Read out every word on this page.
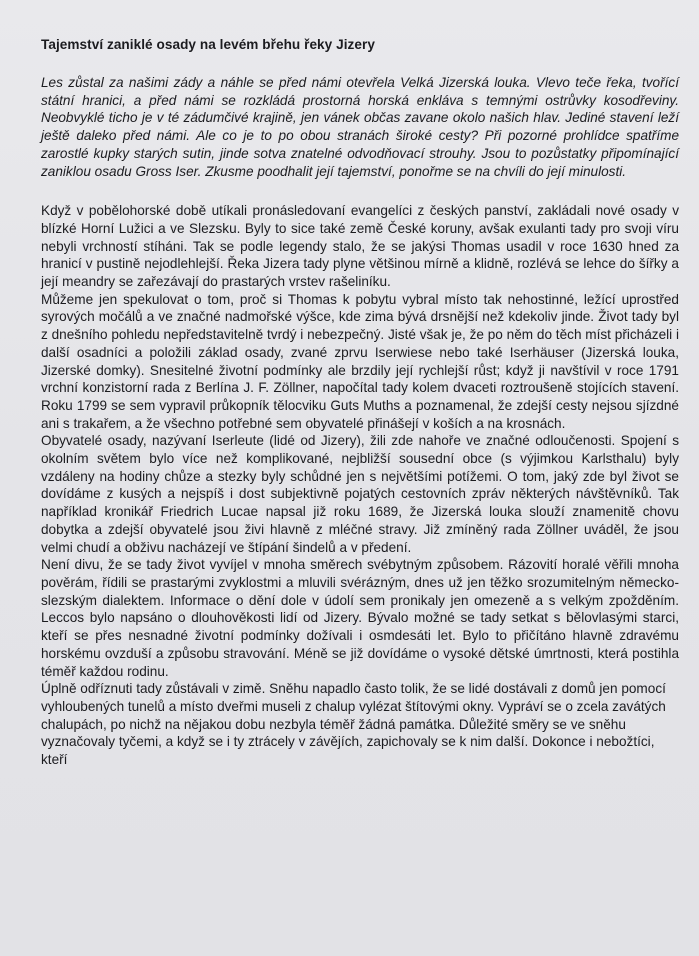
Tajemství zaniklé osady na levém břehu řeky Jizery

Les zůstal za našimi zády a náhle se před námi otevřela Velká Jizerská louka. Vlevo teče řeka, tvořící státní hranici, a před námi se rozkládá prostorná horská enkláva s temnými ostrůvky kosodřeviny. Neobvyklé ticho je v té zádumčivé krajině, jen vánek občas zavane okolo našich hlav. Jediné stavení leží ještě daleko před námi. Ale co je to po obou stranách široké cesty? Při pozorné prohlídce spatříme zarostlé kupky starých sutin, jinde sotva znatelné odvodňovací strouhy. Jsou to pozůstatky připomínající zaniklou osadu Gross Iser. Zkusme poodhalit její tajemství, ponořme se na chvíli do její minulosti.

Když v pobělohorské době utíkali pronásledovaní evangelíci z českých panství, zakládali nové osady v blízké Horní Lužici a ve Slezsku. Byly to sice také země České koruny, avšak exulanti tady pro svoji víru nebyli vrchností stíháni. Tak se podle legendy stalo, že se jakýsi Thomas usadil v roce 1630 hned za hranicí v pustině nejodlehlejší. Řeka Jizera tady plyne většinou mírně a klidně, rozlévá se lehce do šířky a její meandry se zařezávají do prastarých vrstev rašeliníku.

Můžeme jen spekulovat o tom, proč si Thomas k pobytu vybral místo tak nehostinné, ležící uprostřed syrových močálů a ve značné nadmořské výšce, kde zima bývá drsnější než kdekoliv jinde. Život tady byl z dnešního pohledu nepředstavitelně tvrdý i nebezpečný. Jisté však je, že po něm do těch míst přicházeli i další osadníci a položili základ osady, zvané zprvu Iserwiese nebo také Iserhäuser (Jizerská louka, Jizerské domky). Snesitelné životní podmínky ale brzdily její rychlejší růst; když ji navštívil v roce 1791 vrchní konzistorní rada z Berlína J. F. Zöllner, napočítal tady kolem dvaceti roztroušeně stojících stavení. Roku 1799 se sem vypravil průkopník tělocviku Guts Muths a poznamenal, že zdejší cesty nejsou sjízdné ani s trakařem, a že všechno potřebné sem obyvatelé přinášejí v koších a na krosnách.

Obyvatelé osady, nazývaní Iserleute (lidé od Jizery), žili zde nahoře ve značné odloučenosti. Spojení s okolním světem bylo více než komplikované, nejbližší sousední obce (s výjimkou Karlsthalu) byly vzdáleny na hodiny chůze a stezky byly schůdné jen s největšími potížemi. O tom, jaký zde byl život se dovídáme z kusých a nejspíš i dost subjektivně pojatých cestovních zpráv některých návštěvníků. Tak například kronikář Friedrich Lucae napsal již roku 1689, že Jizerská louka slouží znamenitě chovu dobytka a zdejší obyvatelé jsou živi hlavně z mléčné stravy. Již zmíněný rada Zöllner uváděl, že jsou velmi chudí a obživu nacházejí ve štípání šindelů a v předení.

Není divu, že se tady život vyvíjel v mnoha směrech svébytným způsobem. Rázovití horalé věřili mnoha pověrám, řídili se prastarými zvyklostmi a mluvili svérázným, dnes už jen těžko srozumitelným německo-slezským dialektem. Informace o dění dole v údolí sem pronikaly jen omezeně a s velkým zpožděním. Leccos bylo napsáno o dlouhověkosti lidí od Jizery. Bývalo možné se tady setkat s bělovlasými starci, kteří se přes nesnadné životní podmínky dožívali i osmdesáti let. Bylo to přičítáno hlavně zdravému horskému ovzduší a způsobu stravování. Méně se již dovídáme o vysoké dětské úmrtnosti, která postihla téměř každou rodinu.

Úplně odříznuti tady zůstávali v zimě. Sněhu napadlo často tolik, že se lidé dostávali z domů jen pomocí vyhloubených tunelů a místo dveřmi museli z chalup vylézat štítovými okny. Vypráví se o zcela zavátých chalupách, po nichž na nějakou dobu nezbyla téměř žádná památka. Důležité směry se ve sněhu vyznačovaly tyčemi, a když se i ty ztrácely v závějích, zapichovaly se k nim další. Dokonce i nebožtíci, kteří
